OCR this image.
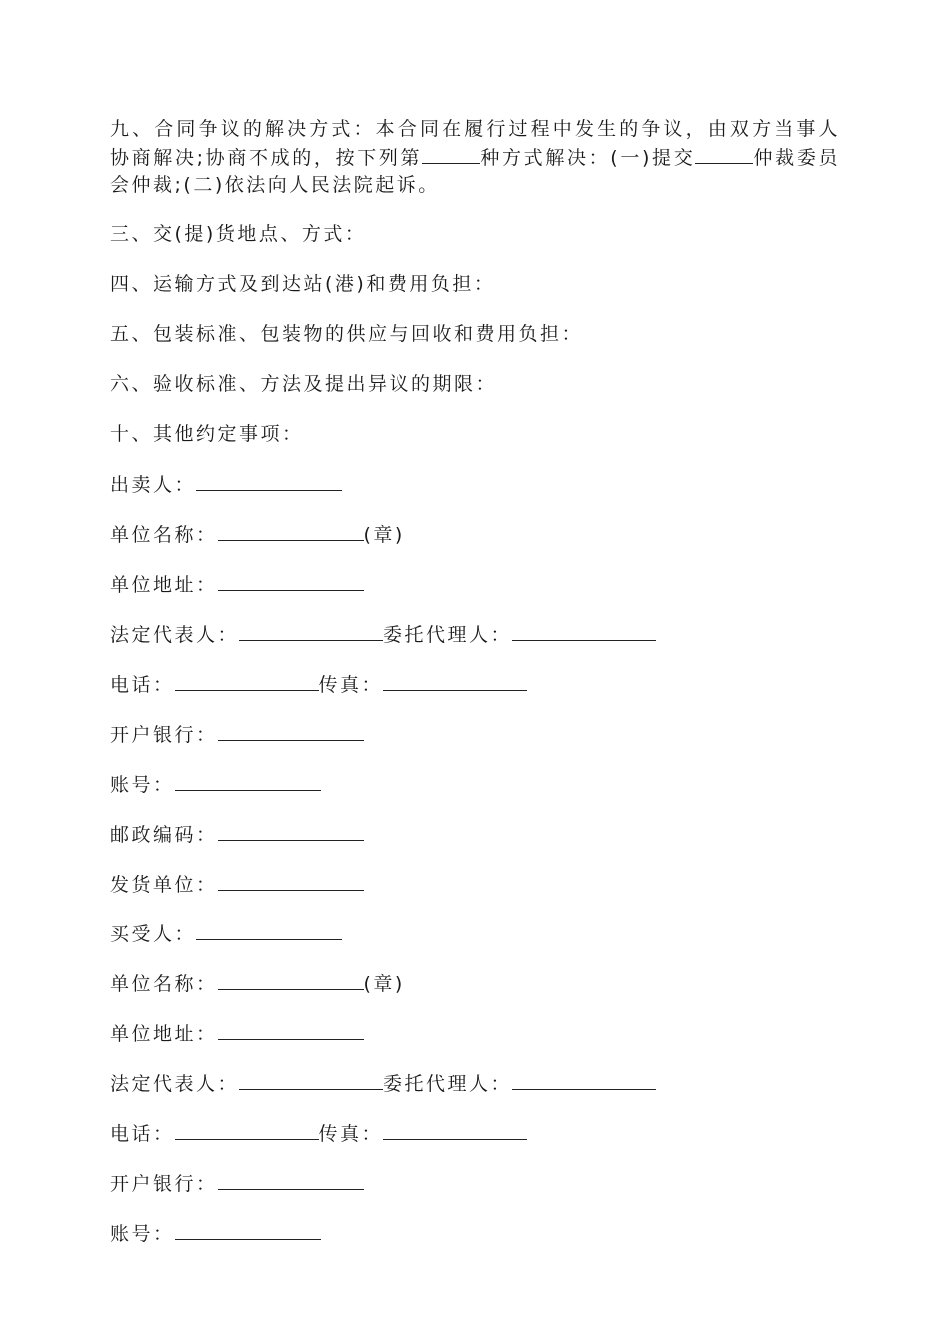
九、合同争议的解决方式：本合同在履行过程中发生的争议，由双方当事人协商解决;协商不成的，按下列第	种方式解决：(一)提交	仲裁委员会仲裁;(二)依法向人民法院起诉。

三、交(提)货地点、方式：
四、运输方式及到达站(港)和费用负担：
五、包装标准、包装物的供应与回收和费用负担：
六、验收标准、方法及提出异议的期限：
十、其他约定事项：
出卖人：
单位名称：	(章)
单位地址：
法定代表人：	委托代理人：
电话：	传真：
开户银行：
账号：
邮政编码：
发货单位：
买受人：
单位名称：	(章)
单位地址：
法定代表人：	委托代理人：
电话：	传真：
开户银行：
账号：
